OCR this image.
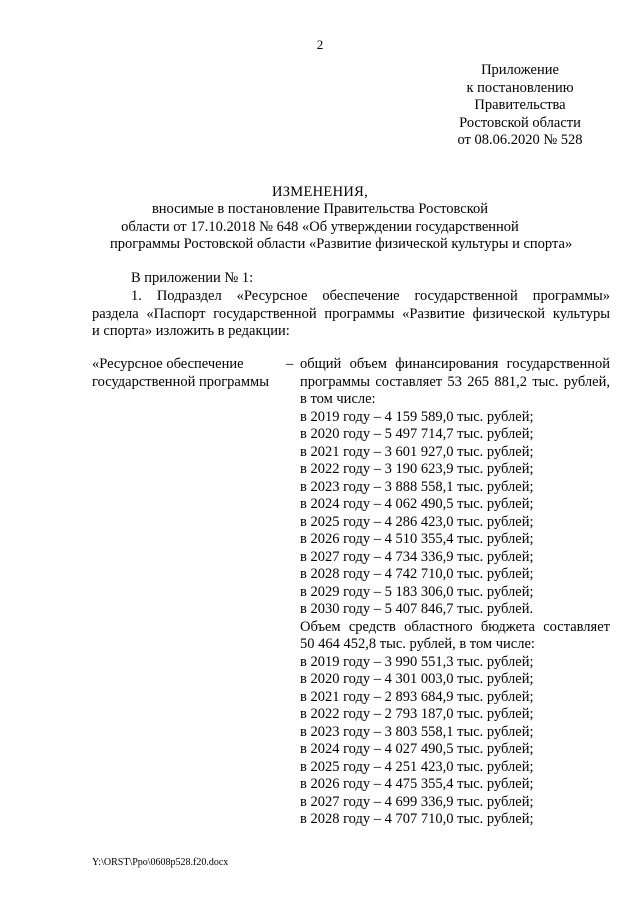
2
Приложение
к постановлению
Правительства
Ростовской области
от 08.06.2020 № 528
ИЗМЕНЕНИЯ,
вносимые в постановление Правительства Ростовской
области от 17.10.2018 № 648 «Об утверждении государственной
программы Ростовской области «Развитие физической культуры и спорта»
В приложении № 1:
1. Подраздел «Ресурсное обеспечение государственной программы»
раздела «Паспорт государственной программы «Развитие физической культуры
и спорта» изложить в редакции:
«Ресурсное обеспечение
государственной программы
– общий объем финансирования государственной
программы составляет 53 265 881,2 тыс. рублей,
в том числе:
в 2019 году – 4 159 589,0 тыс. рублей;
в 2020 году – 5 497 714,7 тыс. рублей;
в 2021 году – 3 601 927,0 тыс. рублей;
в 2022 году – 3 190 623,9 тыс. рублей;
в 2023 году – 3 888 558,1 тыс. рублей;
в 2024 году – 4 062 490,5 тыс. рублей;
в 2025 году – 4 286 423,0 тыс. рублей;
в 2026 году – 4 510 355,4 тыс. рублей;
в 2027 году – 4 734 336,9 тыс. рублей;
в 2028 году – 4 742 710,0 тыс. рублей;
в 2029 году – 5 183 306,0 тыс. рублей;
в 2030 году – 5 407 846,7 тыс. рублей.
Объем средств областного бюджета составляет
50 464 452,8 тыс. рублей, в том числе:
в 2019 году – 3 990 551,3 тыс. рублей;
в 2020 году – 4 301 003,0 тыс. рублей;
в 2021 году – 2 893 684,9 тыс. рублей;
в 2022 году – 2 793 187,0 тыс. рублей;
в 2023 году – 3 803 558,1 тыс. рублей;
в 2024 году – 4 027 490,5 тыс. рублей;
в 2025 году – 4 251 423,0 тыс. рублей;
в 2026 году – 4 475 355,4 тыс. рублей;
в 2027 году – 4 699 336,9 тыс. рублей;
в 2028 году – 4 707 710,0 тыс. рублей;
Y:\ORST\Ppo\0608p528.f20.docx
